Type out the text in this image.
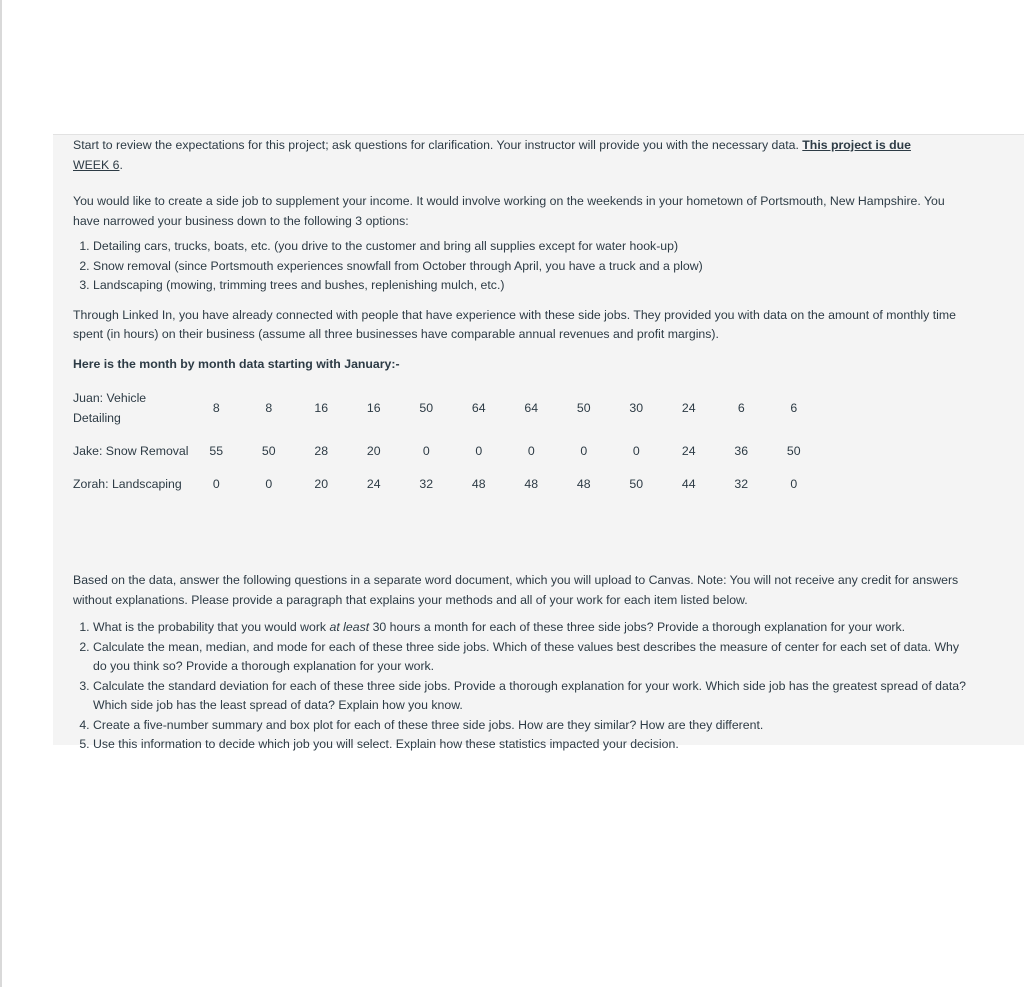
Start to review the expectations for this project; ask questions for clarification. Your instructor will provide you with the necessary data. This project is due
WEEK 6.

You would like to create a side job to supplement your income. It would involve working on the weekends in your hometown of Portsmouth, New Hampshire. You have narrowed your business down to the following 3 options:

1. Detailing cars, trucks, boats, etc. (you drive to the customer and bring all supplies except for water hook-up)
2. Snow removal (since Portsmouth experiences snowfall from October through April, you have a truck and a plow)
3. Landscaping (mowing, trimming trees and bushes, replenishing mulch, etc.)

Through Linked In, you have already connected with people that have experience with these side jobs. They provided you with data on the amount of monthly time spent (in hours) on their business (assume all three businesses have comparable annual revenues and profit margins).

Here is the month by month data starting with January:-

Juan: Vehicle Detailing	8	8	16	16	50	64	64	50	30	24	6	6
Jake: Snow Removal	55	50	28	20	0	0	0	0	0	24	36	50
Zorah: Landscaping	0	0	20	24	32	48	48	48	50	44	32	0

Based on the data, answer the following questions in a separate word document, which you will upload to Canvas. Note: You will not receive any credit for answers without explanations. Please provide a paragraph that explains your methods and all of your work for each item listed below.

1. What is the probability that you would work at least 30 hours a month for each of these three side jobs? Provide a thorough explanation for your work.
2. Calculate the mean, median, and mode for each of these three side jobs. Which of these values best describes the measure of center for each set of data. Why do you think so? Provide a thorough explanation for your work.
3. Calculate the standard deviation for each of these three side jobs. Provide a thorough explanation for your work. Which side job has the greatest spread of data? Which side job has the least spread of data? Explain how you know.
4. Create a five-number summary and box plot for each of these three side jobs. How are they similar? How are they different.
5. Use this information to decide which job you will select. Explain how these statistics impacted your decision.
